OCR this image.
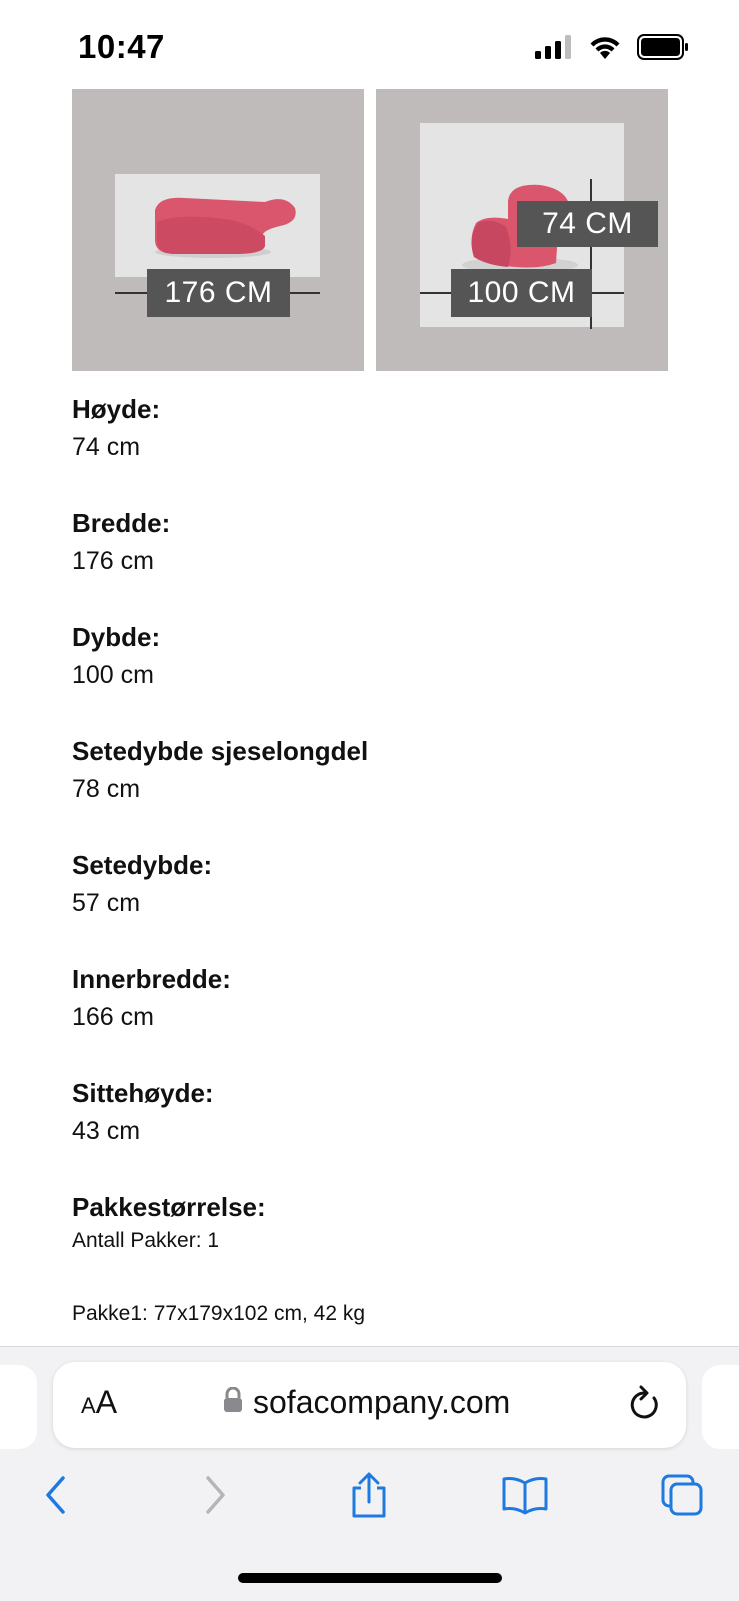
10:47
176 CM
74 CM
100 CM
Høyde:
74 cm
Bredde:
176 cm
Dybde:
100 cm
Setedybde sjeselongdel
78 cm
Setedybde:
57 cm
Innerbredde:
166 cm
Sittehøyde:
43 cm
Pakkestørrelse:
Antall Pakker: 1
Pakke1: 77x179x102 cm, 42 kg
AA	sofacompany.com
